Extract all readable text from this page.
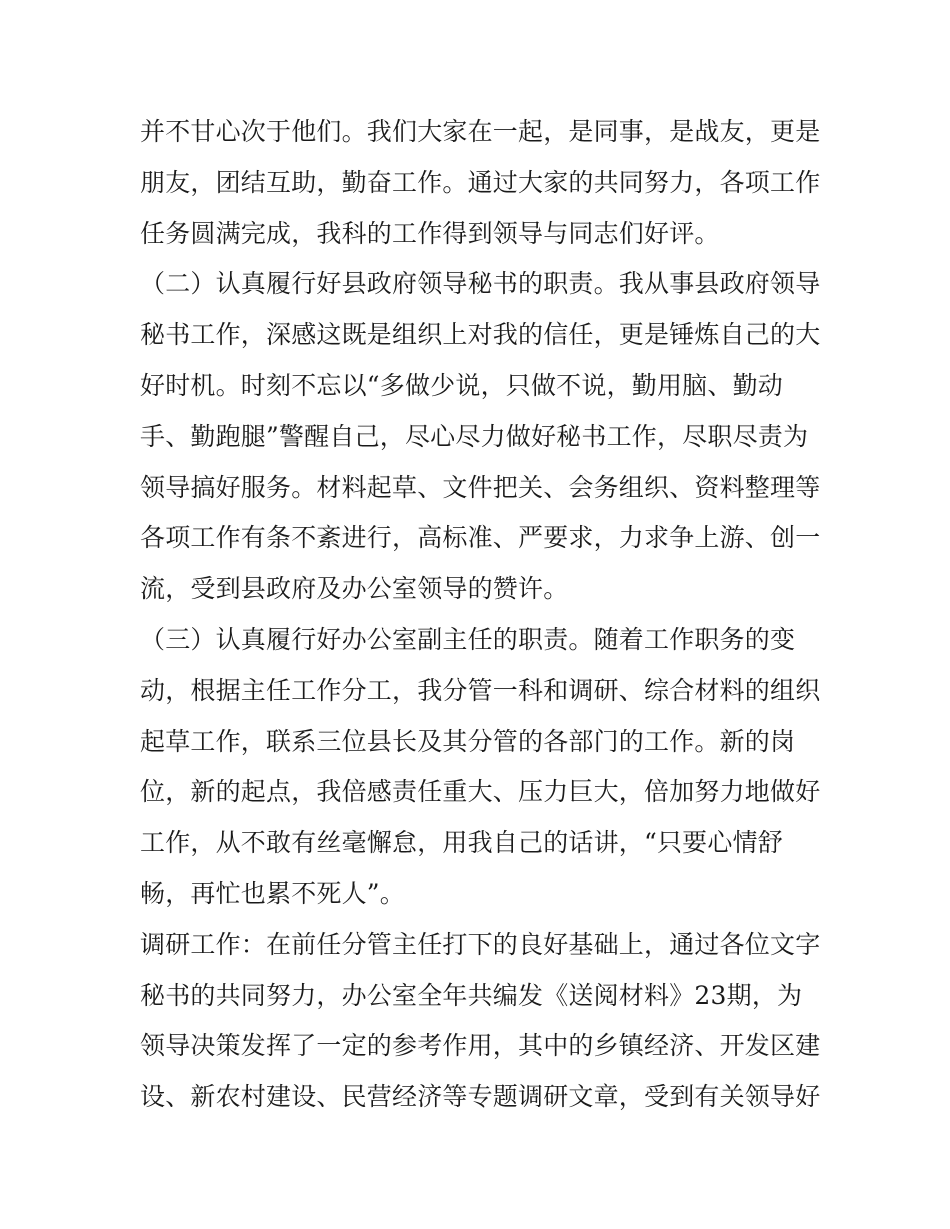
并不甘心次于他们。我们大家在一起，是同事，是战友，更是
朋友，团结互助，勤奋工作。通过大家的共同努力，各项工作
任务圆满完成，我科的工作得到领导与同志们好评。
（二）认真履行好县政府领导秘书的职责。我从事县政府领导
秘书工作，深感这既是组织上对我的信任，更是锤炼自己的大
好时机。时刻不忘以“多做少说，只做不说，勤用脑、勤动
手、勤跑腿”警醒自己，尽心尽力做好秘书工作，尽职尽责为
领导搞好服务。材料起草、文件把关、会务组织、资料整理等
各项工作有条不紊进行，高标准、严要求，力求争上游、创一
流，受到县政府及办公室领导的赞许。
（三）认真履行好办公室副主任的职责。随着工作职务的变
动，根据主任工作分工，我分管一科和调研、综合材料的组织
起草工作，联系三位县长及其分管的各部门的工作。新的岗
位，新的起点，我倍感责任重大、压力巨大，倍加努力地做好
工作，从不敢有丝毫懈怠，用我自己的话讲，“只要心情舒
畅，再忙也累不死人”。
调研工作：在前任分管主任打下的良好基础上，通过各位文字
秘书的共同努力，办公室全年共编发《送阅材料》23期，为
领导决策发挥了一定的参考作用，其中的乡镇经济、开发区建
设、新农村建设、民营经济等专题调研文章，受到有关领导好
